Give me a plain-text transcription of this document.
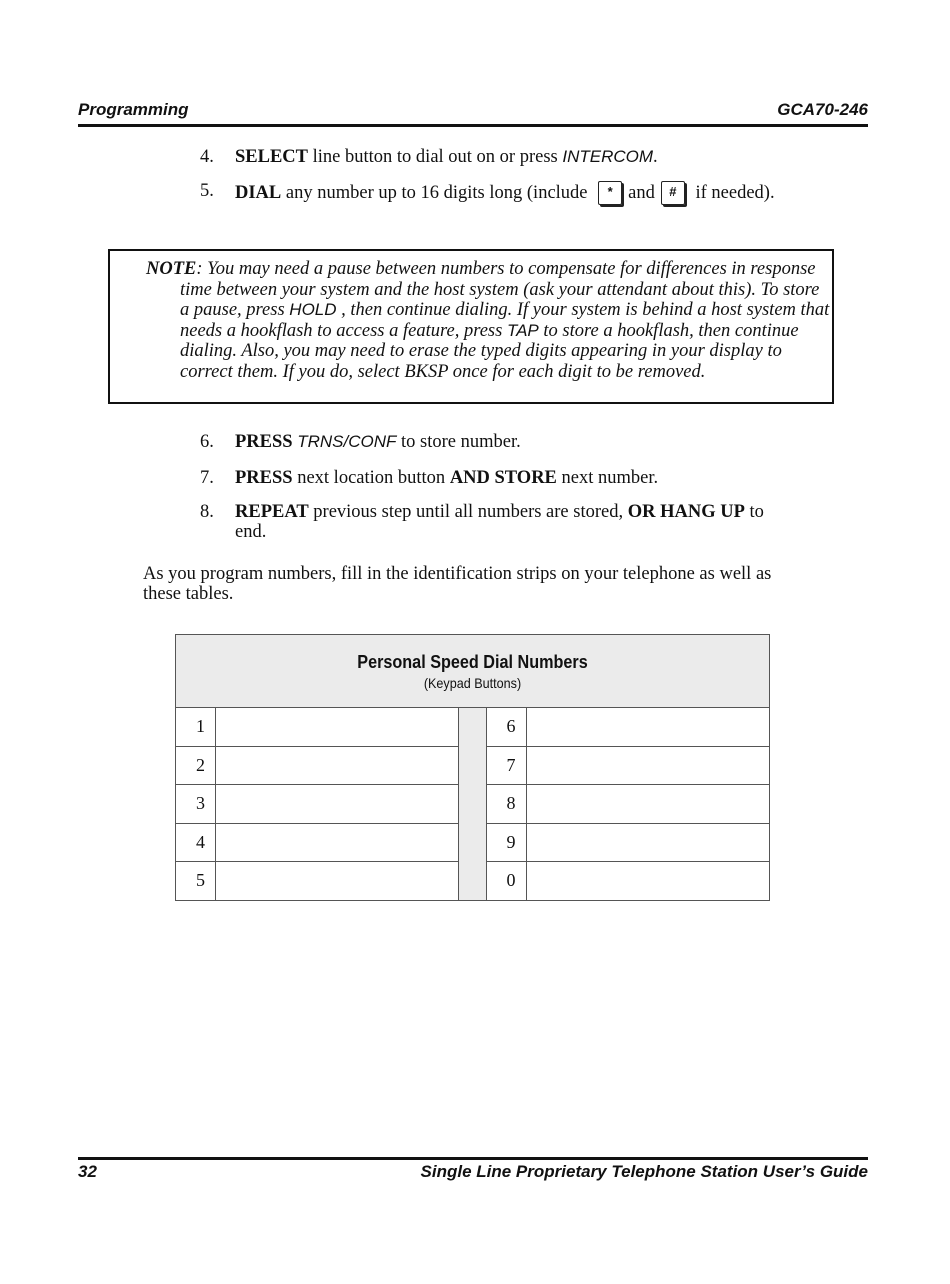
Programming	GCA70-246
4. SELECT line button to dial out on or press INTERCOM.
5. DIAL any number up to 16 digits long (include * and # if needed).
NOTE: You may need a pause between numbers to compensate for differences in response time between your system and the host system (ask your attendant about this). To store a pause, press HOLD , then continue dialing. If your system is behind a host system that needs a hookflash to access a feature, press TAP to store a hookflash, then continue dialing. Also, you may need to erase the typed digits appearing in your display to correct them. If you do, select BKSP once for each digit to be removed.
6. PRESS TRNS/CONF to store number.
7. PRESS next location button AND STORE next number.
8. REPEAT previous step until all numbers are stored, OR HANG UP to end.
As you program numbers, fill in the identification strips on your telephone as well as these tables.
Personal Speed Dial Numbers
(Keypad Buttons)				

1			6	
2			7	
3			8	
4			9	
5			0	
32	Single Line Proprietary Telephone Station User’s Guide
